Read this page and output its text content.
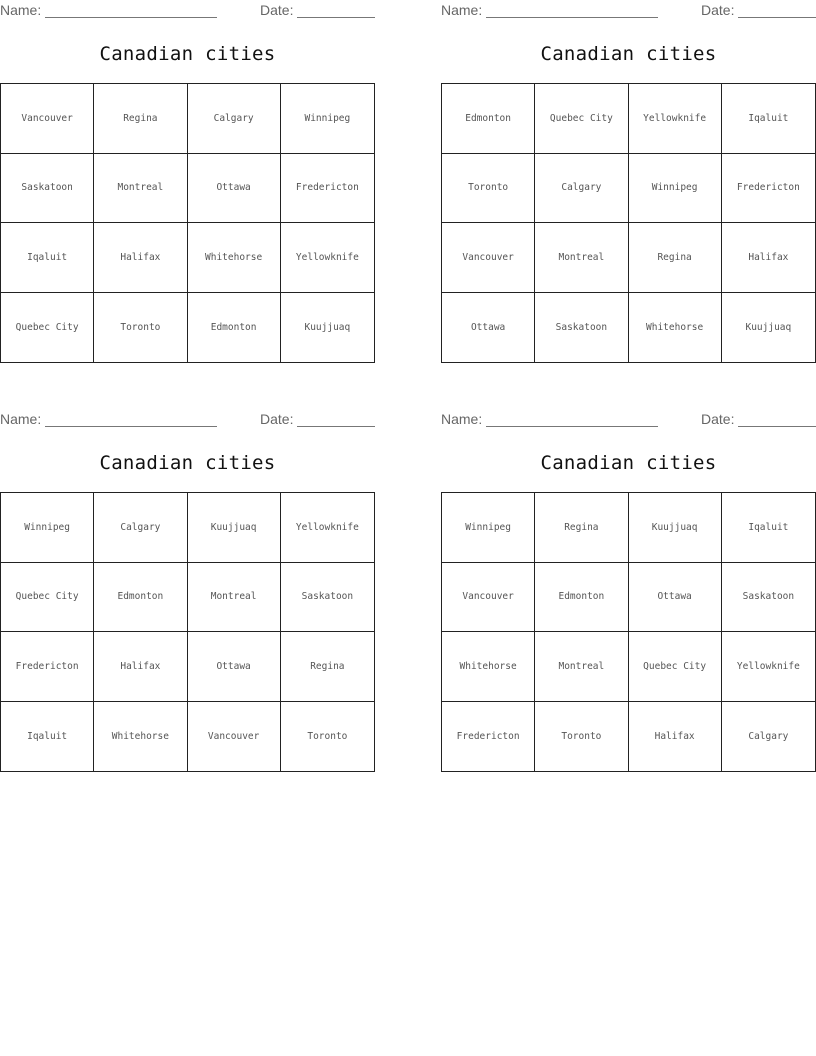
Name:	Date:
Canadian cities
Vancouver	Regina	Calgary	Winnipeg
Saskatoon	Montreal	Ottawa	Fredericton
Iqaluit	Halifax	Whitehorse	Yellowknife
Quebec City	Toronto	Edmonton	Kuujjuaq
Name:	Date:
Canadian cities
Edmonton	Quebec City	Yellowknife	Iqaluit
Toronto	Calgary	Winnipeg	Fredericton
Vancouver	Montreal	Regina	Halifax
Ottawa	Saskatoon	Whitehorse	Kuujjuaq
Name:	Date:
Canadian cities
Winnipeg	Calgary	Kuujjuaq	Yellowknife
Quebec City	Edmonton	Montreal	Saskatoon
Fredericton	Halifax	Ottawa	Regina
Iqaluit	Whitehorse	Vancouver	Toronto
Name:	Date:
Canadian cities
Winnipeg	Regina	Kuujjuaq	Iqaluit
Vancouver	Edmonton	Ottawa	Saskatoon
Whitehorse	Montreal	Quebec City	Yellowknife
Fredericton	Toronto	Halifax	Calgary
